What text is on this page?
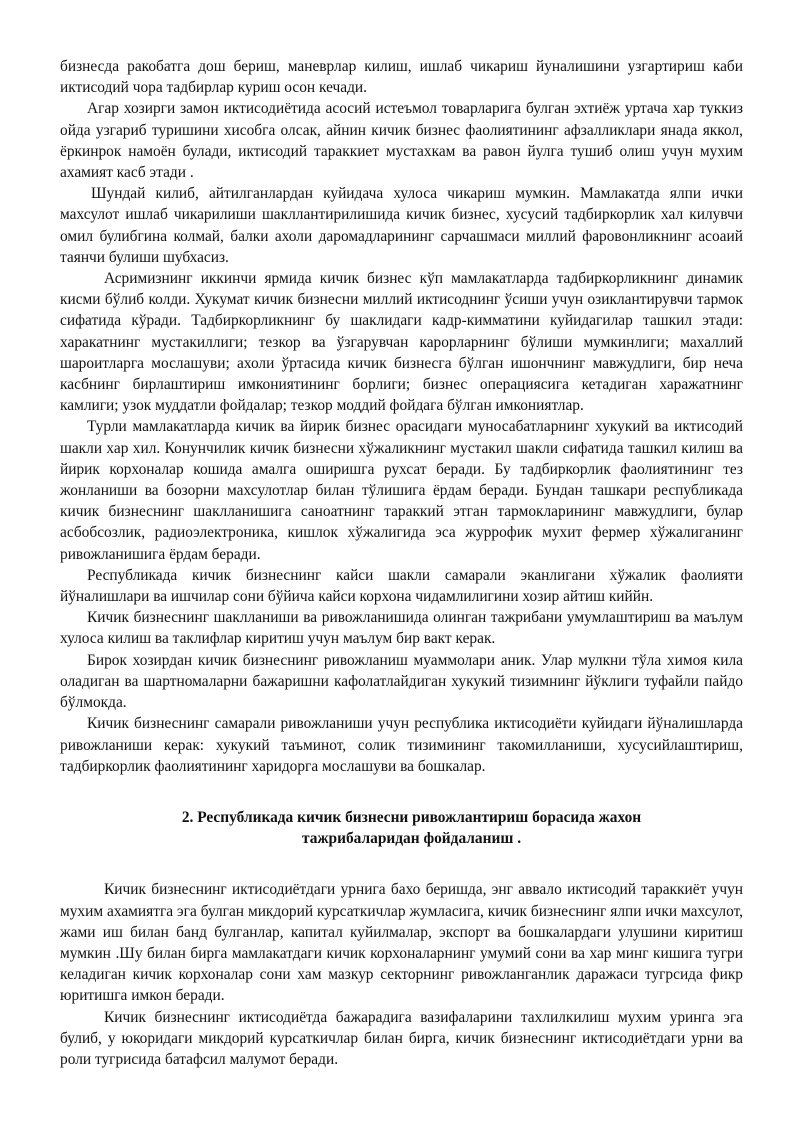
бизнесда ракобатга дош бериш, маневрлар килиш, ишлаб чикариш йуналишини узгартириш каби иктисодий чора тадбирлар куриш осон кечади.

Агар хозирги замон иктисодиётида асосий истеъмол товарларига булган эхтиёж уртача хар туккиз ойда узгариб туришини хисобга олсак, айнин кичик бизнес фаолиятининг афзалликлари янада яккол, ёркинрок намоён булади, иктисодий тараккиет мустахкам ва равон йулга тушиб олиш учун мухим ахамият касб этади .

Шундай килиб, айтилганлардан куйидача хулоса чикариш мумкин. Мамлакатда ялпи ички махсулот ишлаб чикарилиши шакллантирилишида кичик бизнес, хусусий тадбиркорлик хал килувчи омил булибгина колмай, балки ахоли даромадларининг сарчашмаси миллий фаровонликнинг асоаий таянчи булиши шубхасиз.

Асримизнинг иккинчи ярмида кичик бизнес кўп мамлакатларда тадбиркорликнинг динамик кисми бўлиб колди. Хукумат кичик бизнесни миллий иктисоднинг ўсиши учун озиклантирувчи тармок сифатида кўради. Тадбиркорликнинг бу шаклидаги кадр-кимматини куйидагилар ташкил этади: харакатнинг мустакиллиги; тезкор ва ўзгарувчан карорларнинг бўлиши мумкинлиги; махаллий шароитларга мослашуви; ахоли ўртасида кичик бизнесга бўлган ишончнинг мавжудлиги, бир неча касбнинг бирлаштириш имкониятининг борлиги; бизнес операциясига кетадиган харажатнинг камлиги; узок муддатли фойдалар; тезкор моддий фойдага бўлган имкониятлар.

Турли мамлакатларда кичик ва йирик бизнес орасидаги муносабатларнинг хукукий ва иктисодий шакли хар хил. Конунчилик кичик бизнесни хўжаликнинг мустакил шакли сифатида ташкил килиш ва йирик корхоналар кошида амалга оширишга рухсат беради. Бу тадбиркорлик фаолиятининг тез жонланиши ва бозорни махсулотлар билан тўлишига ёрдам беради. Бундан ташкари республикада кичик бизнеснинг шаклланишига саноатнинг тараккий этган тармокларининг мавжудлиги, булар асбобсозлик, радиоэлектроника, кишлок хўжалигида эса журрофик мухит фермер хўжалиганинг ривожланишига ёрдам беради.

Республикада кичик бизнеснинг кайси шакли самарали эканлигани хўжалик фаолияти йўналишлари ва ишчилар сони бўйича кайси корхона чидамлилигини хозир айтиш киййн.

Кичик бизнеснинг шаклланиши ва ривожланишида олинган тажрибани умумлаштириш ва маълум хулоса килиш ва таклифлар киритиш учун маълум бир вакт керак.

Бирок хозирдан кичик бизнеснинг ривожланиш муаммолари аник. Улар мулкни тўла химоя кила оладиган ва шартномаларни бажаришни кафолатлайдиган хукукий тизимнинг йўклиги туфайли пайдо бўлмокда.

Кичик бизнеснинг самарали ривожланиши учун республика иктисодиёти куйидаги йўналишларда ривожланиши керак: хукукий таъминот, солик тизимининг такомилланиши, хусусийлаштириш, тадбиркорлик фаолиятининг харидорга мослашуви ва бошкалар.

2. Республикада кичик бизнесни ривожлантириш борасида жахон
тажрибаларидан фойдаланиш .

Кичик бизнеснинг иктисодиётдаги урнига бахо беришда, энг аввало иктисодий тараккиёт учун мухим ахамиятга эга булган микдорий курсаткичлар жумласига, кичик бизнеснинг ялпи ички махсулот, жами иш билан банд булганлар, капитал куйилмалар, экспорт ва бошкалардаги улушини киритиш мумкин .Шу билан бирга мамлакатдаги кичик корхоналарнинг умумий сони ва хар минг кишига тугри келадиган кичик корхоналар сони хам мазкур секторнинг ривожланганлик даражаси тугрсида фикр юритишга имкон беради.

Кичик бизнеснинг иктисодиётда бажарадига вазифаларини тахлилкилиш мухим уринга эга булиб, у юкоридаги микдорий курсаткичлар билан бирга, кичик бизнеснинг иктисодиётдаги урни ва роли тугрисида батафсил малумот беради.
